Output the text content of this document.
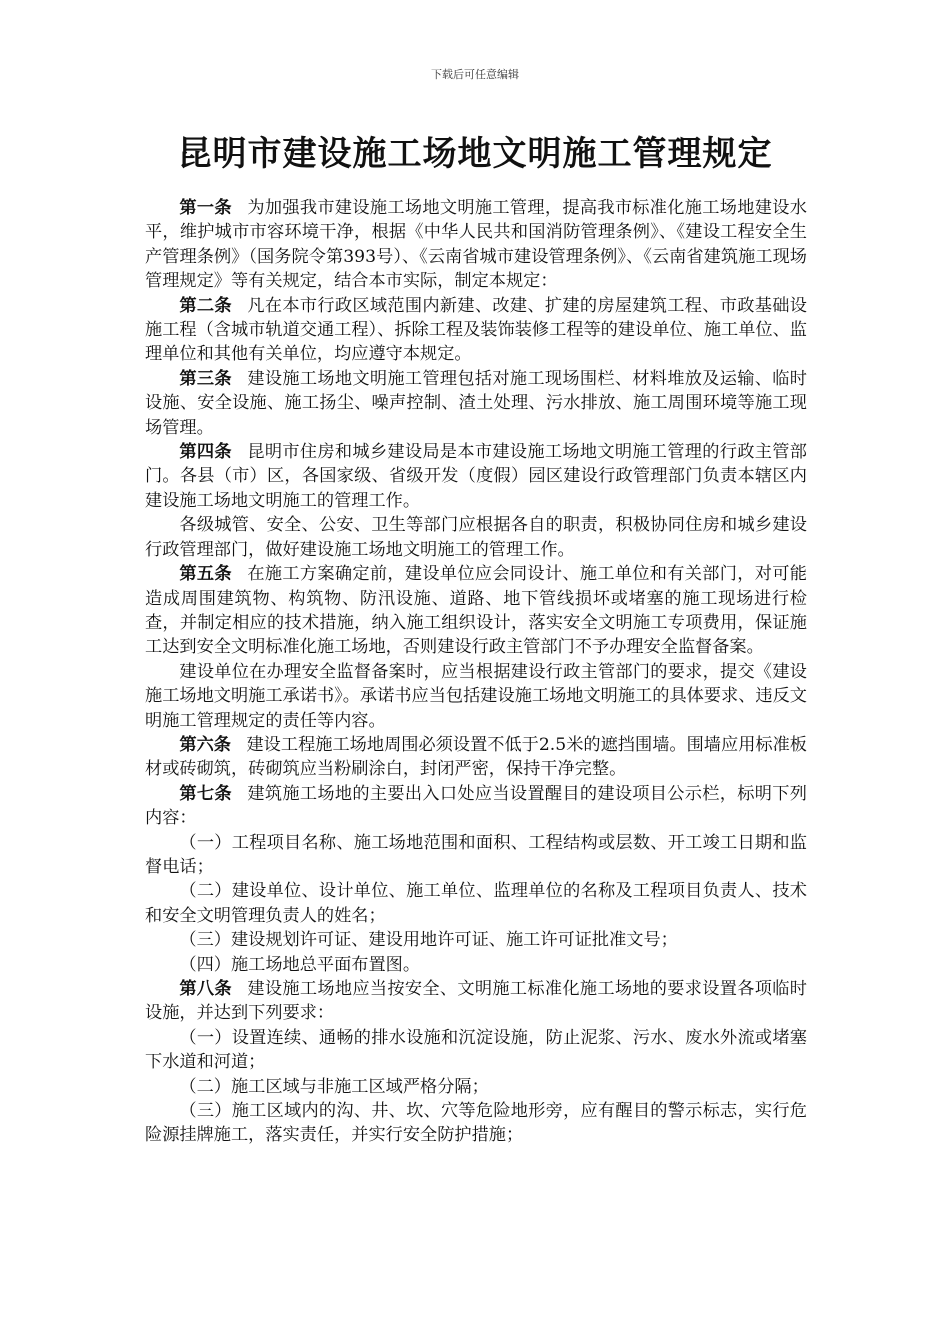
下载后可任意编辑
昆明市建设施工场地文明施工管理规定

第一条 为加强我市建设施工场地文明施工管理，提高我市标准化施工场地建设水平，维护城市市容环境干净，根据《中华人民共和国消防管理条例》、《建设工程安全生产管理条例》（国务院令第393号）、《云南省城市建设管理条例》、《云南省建筑施工现场管理规定》等有关规定，结合本市实际，制定本规定：

第二条 凡在本市行政区域范围内新建、改建、扩建的房屋建筑工程、市政基础设施工程（含城市轨道交通工程）、拆除工程及装饰装修工程等的建设单位、施工单位、监理单位和其他有关单位，均应遵守本规定。

第三条 建设施工场地文明施工管理包括对施工现场围栏、材料堆放及运输、临时设施、安全设施、施工扬尘、噪声控制、渣土处理、污水排放、施工周围环境等施工现场管理。

第四条 昆明市住房和城乡建设局是本市建设施工场地文明施工管理的行政主管部门。各县（市）区，各国家级、省级开发（度假）园区建设行政管理部门负责本辖区内建设施工场地文明施工的管理工作。

各级城管、安全、公安、卫生等部门应根据各自的职责，积极协同住房和城乡建设行政管理部门，做好建设施工场地文明施工的管理工作。

第五条 在施工方案确定前，建设单位应会同设计、施工单位和有关部门，对可能造成周围建筑物、构筑物、防汛设施、道路、地下管线损坏或堵塞的施工现场进行检查，并制定相应的技术措施，纳入施工组织设计，落实安全文明施工专项费用，保证施工达到安全文明标准化施工场地，否则建设行政主管部门不予办理安全监督备案。

建设单位在办理安全监督备案时，应当根据建设行政主管部门的要求，提交《建设施工场地文明施工承诺书》。承诺书应当包括建设施工场地文明施工的具体要求、违反文明施工管理规定的责任等内容。

第六条 建设工程施工场地周围必须设置不低于2.5米的遮挡围墙。围墙应用标准板材或砖砌筑，砖砌筑应当粉刷涂白，封闭严密，保持干净完整。

第七条 建筑施工场地的主要出入口处应当设置醒目的建设项目公示栏，标明下列内容：

（一）工程项目名称、施工场地范围和面积、工程结构或层数、开工竣工日期和监督电话；

（二）建设单位、设计单位、施工单位、监理单位的名称及工程项目负责人、技术和安全文明管理负责人的姓名；

（三）建设规划许可证、建设用地许可证、施工许可证批准文号；

（四）施工场地总平面布置图。

第八条 建设施工场地应当按安全、文明施工标准化施工场地的要求设置各项临时设施，并达到下列要求：

（一）设置连续、通畅的排水设施和沉淀设施，防止泥浆、污水、废水外流或堵塞下水道和河道；

（二）施工区域与非施工区域严格分隔；

（三）施工区域内的沟、井、坎、穴等危险地形旁，应有醒目的警示标志，实行危险源挂牌施工，落实责任，并实行安全防护措施；
